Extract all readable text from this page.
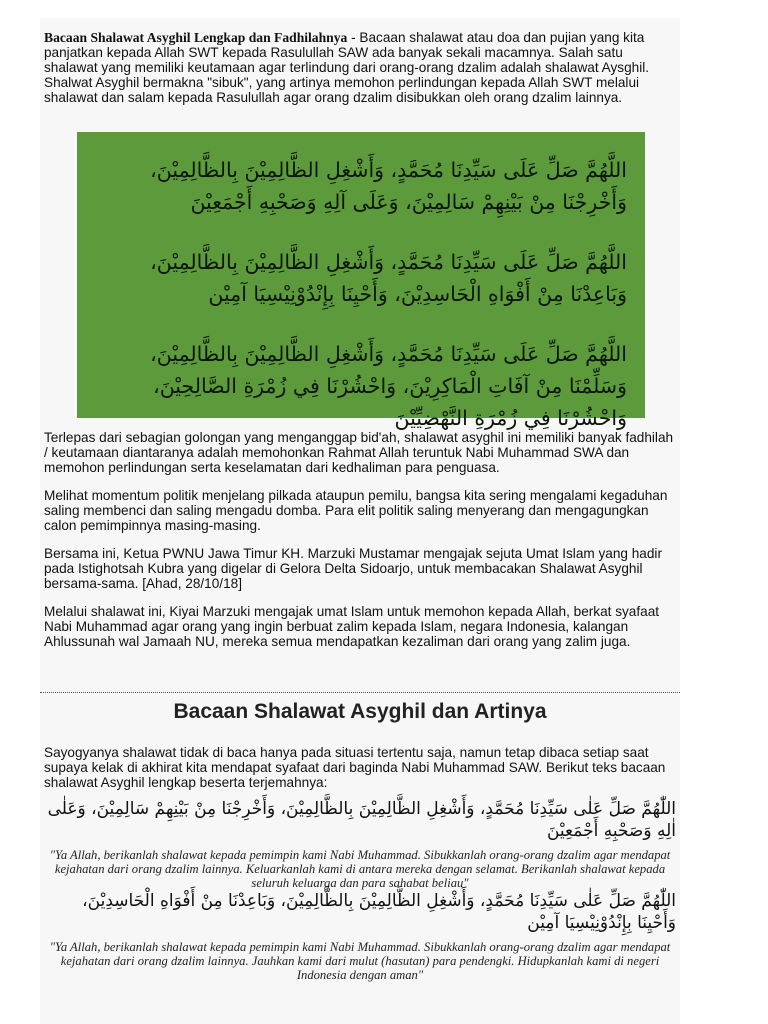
Bacaan Shalawat Asyghil Lengkap dan Fadhilahnya - Bacaan shalawat atau doa dan pujian yang kita panjatkan kepada Allah SWT kepada Rasulullah SAW ada banyak sekali macamnya. Salah satu shalawat yang memiliki keutamaan agar terlindung dari orang-orang dzalim adalah shalawat Aysghil. Shalwat Asyghil bermakna "sibuk", yang artinya memohon perlindungan kepada Allah SWT melalui shalawat dan salam kepada Rasulullah agar orang dzalim disibukkan oleh orang dzalim lainnya.

اللَّهُمَّ صَلِّ عَلَى سَيِّدِنَا مُحَمَّدٍ، وَأَشْغِلِ الظَّالِمِيْنَ بِالظَّالِمِيْنَ، وَأَخْرِجْنَا مِنْ بَيْنِهِمْ سَالِمِيْنَ، وَعَلَى آلِهِ وَصَحْبِهِ أَجْمَعِيْنَ

اللَّهُمَّ صَلِّ عَلَى سَيِّدِنَا مُحَمَّدٍ، وَأَشْغِلِ الظَّالِمِيْنَ بِالظَّالِمِيْنَ، وَبَاعِدْنَا مِنْ أَفْوَاهِ الْحَاسِدِيْنَ، وَأَحْيِنَا بِإِنْدُوْنِيْسِيَا آمِيْن

اللَّهُمَّ صَلِّ عَلَى سَيِّدِنَا مُحَمَّدٍ، وَأَشْغِلِ الظَّالِمِيْنَ بِالظَّالِمِيْنَ، وَسَلِّمْنَا مِنْ آفَاتِ الْمَاكِرِيْنَ، وَاحْشُرْنَا فِي زُمْرَةِ الصَّالِحِيْنَ، وَاحْشُرْنَا فِي زُمْرَةِ النَّهْضِيِّيْنَ

Terlepas dari sebagian golongan yang menganggap bid'ah, shalawat asyghil ini memiliki banyak fadhilah / keutamaan diantaranya adalah memohonkan Rahmat Allah teruntuk Nabi Muhammad SWA dan memohon perlindungan serta keselamatan dari kedhaliman para penguasa.

Melihat momentum politik menjelang pilkada ataupun pemilu, bangsa kita sering mengalami kegaduhan saling membenci dan saling mengadu domba. Para elit politik saling menyerang dan mengagungkan calon pemimpinnya masing-masing.

Bersama ini, Ketua PWNU Jawa Timur KH. Marzuki Mustamar mengajak sejuta Umat Islam yang hadir pada Istighotsah Kubra yang digelar di Gelora Delta Sidoarjo, untuk membacakan Shalawat Asyghil bersama-sama. [Ahad, 28/10/18]

Melalui shalawat ini, Kiyai Marzuki mengajak umat Islam untuk memohon kepada Allah, berkat syafaat Nabi Muhammad agar orang yang ingin berbuat zalim kepada Islam, negara Indonesia, kalangan Ahlussunah wal Jamaah NU, mereka semua mendapatkan kezaliman dari orang yang zalim juga.

Bacaan Shalawat Asyghil dan Artinya

Sayogyanya shalawat tidak di baca hanya pada situasi tertentu saja, namun tetap dibaca setiap saat supaya kelak di akhirat kita mendapat syafaat dari baginda Nabi Muhammad SAW. Berikut teks bacaan shalawat Asyghil lengkap beserta terjemahnya:

اللّٰهُمَّ صَلِّ عَلٰى سَيِّدِنَا مُحَمَّدٍ، وَأَشْغِلِ الظَّالِمِيْنَ بِالظَّالِمِيْنَ، وَأَخْرِجْنَا مِنْ بَيْنِهِمْ سَالِمِيْنَ، وَعَلٰى اٰلِهِ وَصَحْبِهِ أَجْمَعِيْنَ

"Ya Allah, berikanlah shalawat kepada pemimpin kami Nabi Muhammad. Sibukkanlah orang-orang dzalim agar mendapat kejahatan dari orang dzalim lainnya. Keluarkanlah kami di antara mereka dengan selamat. Berikanlah shalawat kepada seluruh keluarga dan para sahabat beliau"

اللّٰهُمَّ صَلِّ عَلٰى سَيِّدِنَا مُحَمَّدٍ، وَأَشْغِلِ الظَّالِمِيْنَ بِالظَّالِمِيْنَ، وَبَاعِدْنَا مِنْ أَفْوَاهِ الْحَاسِدِيْنَ، وَأَحْيِنَا بِإِنْدُوْنِيْسِيَا آمِيْن

"Ya Allah, berikanlah shalawat kepada pemimpin kami Nabi Muhammad. Sibukkanlah orang-orang dzalim agar mendapat kejahatan dari orang dzalim lainnya. Jauhkan kami dari mulut (hasutan) para pendengki. Hidupkanlah kami di negeri Indonesia dengan aman"
